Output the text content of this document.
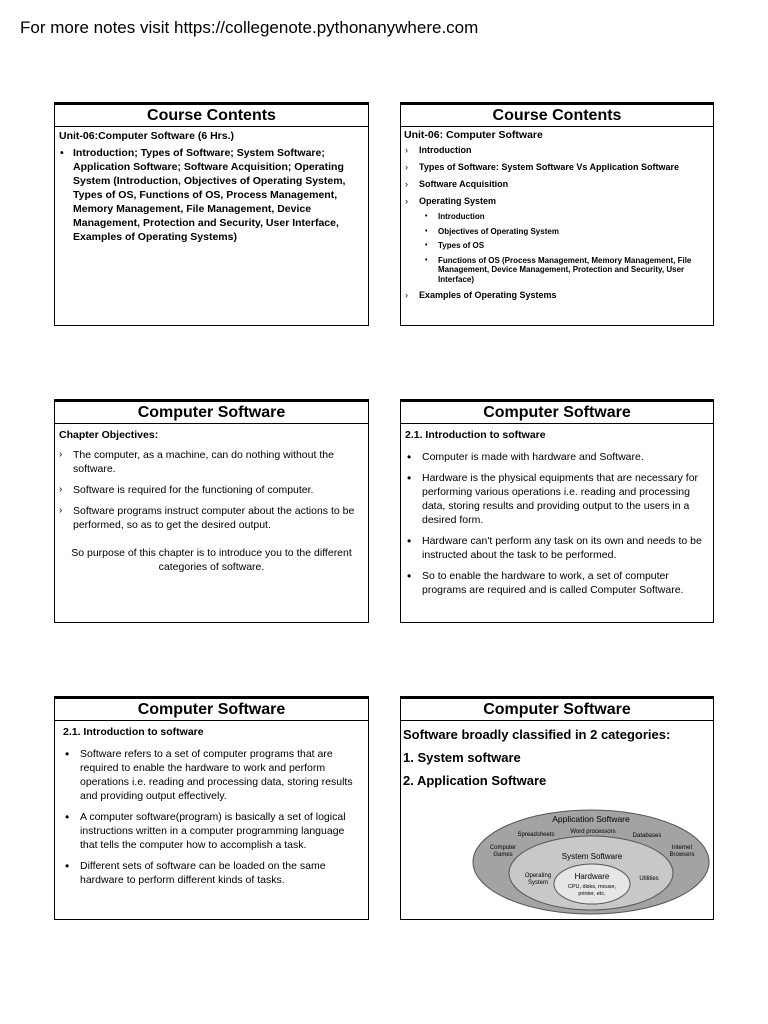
For more notes visit https://collegenote.pythonanywhere.com
Course Contents
Unit-06:Computer Software (6 Hrs.)
• Introduction; Types of Software; System Software; Application Software; Software Acquisition; Operating System (Introduction, Objectives of Operating System, Types of OS, Functions of OS, Process Management, Memory Management, File Management, Device Management, Protection and Security, User Interface, Examples of Operating Systems)
Course Contents
Unit-06: Computer Software
› Introduction
› Types of Software: System Software Vs Application Software
› Software Acquisition
› Operating System
• Introduction
• Objectives of Operating System
• Types of OS
• Functions of OS (Process Management, Memory Management, File Management, Device Management, Protection and Security, User Interface)
› Examples of Operating Systems
Computer Software
Chapter Objectives:
› The computer, as a machine, can do nothing without the software.
› Software is required for the functioning of computer.
› Software programs instruct computer about the actions to be performed, so as to get the desired output.
So purpose of this chapter is to introduce you to the different categories of software.
Computer Software
2.1. Introduction to software
• Computer is made with hardware and Software.
• Hardware is the physical equipments that are necessary for performing various operations i.e. reading and processing data, storing results and providing output to the users in a desired form.
• Hardware can't perform any task on its own and needs to be instructed about the task to be performed.
• So to enable the hardware to work, a set of computer programs are required and is called Computer Software.
Computer Software
2.1. Introduction to software
• Software refers to a set of computer programs that are required to enable the hardware to work and perform operations i.e. reading and processing data, storing results and providing output effectively.
• A computer software(program) is basically a set of logical instructions written in a computer programming language that tells the computer how to accomplish a task.
• Different sets of software can be loaded on the same hardware to perform different kinds of tasks.
Computer Software
Software broadly classified in 2 categories:
1. System software
2. Application Software
Application Software
Spreadsheets	Word processors
Databases
Computer
Games
Internet
Browsers
System Software
Operating
System
Utilities
Hardware
CPU, disks, mouse,
printer, etc.
